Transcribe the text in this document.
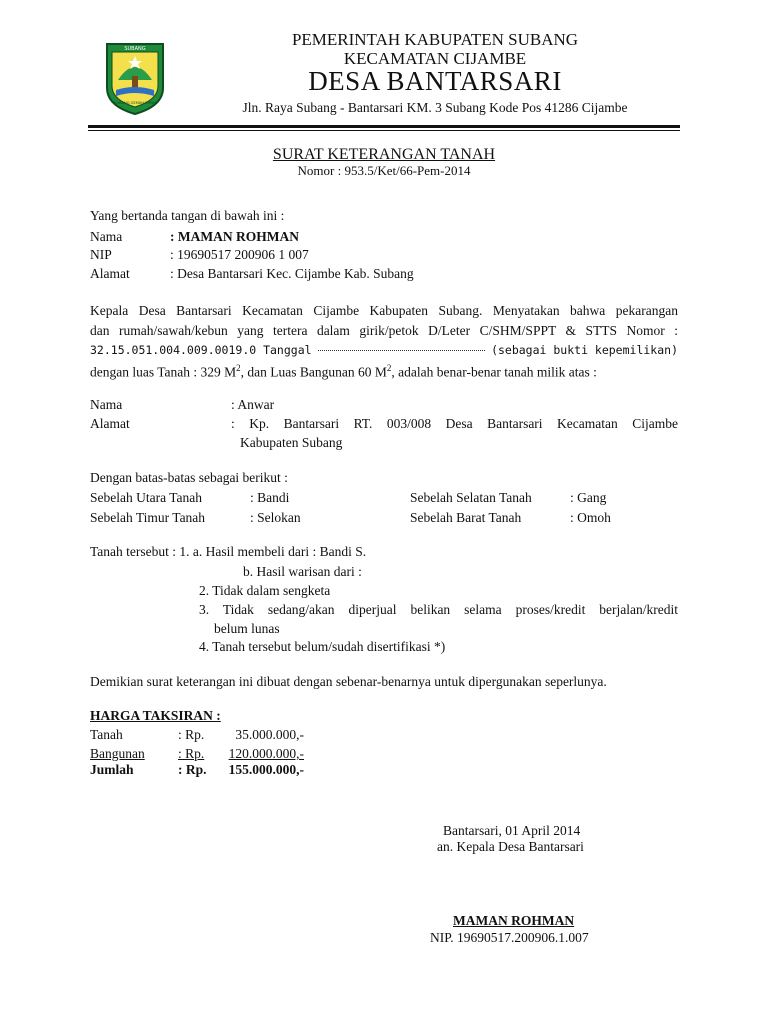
SUBANG
SUBANG GEMAH RIPAH
PEMERINTAH KABUPATEN SUBANG
KECAMATAN CIJAMBE
DESA BANTARSARI
Jln. Raya Subang - Bantarsari KM. 3 Subang Kode Pos 41286 Cijambe
SURAT KETERANGAN TANAH
Nomor : 953.5/Ket/66-Pem-2014
Yang bertanda tangan di bawah ini :
Nama	: MAMAN ROHMAN
NIP	: 19690517 200906 1 007
Alamat	: Desa Bantarsari Kec. Cijambe Kab. Subang
Kepala Desa Bantarsari Kecamatan Cijambe Kabupaten Subang. Menyatakan bahwa pekarangan
dan rumah/sawah/kebun yang tertera dalam girik/petok D/Leter C/SHM/SPPT & STTS Nomor :
32.15.051.004.009.0019.0 Tanggal	(sebagai bukti kepemilikan)
dengan luas Tanah : 329 $M^2$, dan Luas Bangunan 60 $M^2$, adalah benar-benar tanah milik atas :
Nama	: Anwar
Alamat	: Kp. Bantarsari RT. 003/008 Desa Bantarsari Kecamatan Cijambe
Kabupaten Subang
Dengan batas-batas sebagai berikut :
Sebelah Utara Tanah	: Bandi	Sebelah Selatan Tanah	: Gang
Sebelah Timur Tanah	: Selokan	Sebelah Barat Tanah	: Omoh
Tanah tersebut : 1. a. Hasil membeli dari : Bandi S.
b. Hasil warisan dari :
2. Tidak dalam sengketa
3. Tidak sedang/akan diperjual belikan selama proses/kredit berjalan/kredit
belum lunas
4. Tanah tersebut belum/sudah disertifikasi *)
Demikian surat keterangan ini dibuat dengan sebenar-benarnya untuk dipergunakan seperlunya.
HARGA TAKSIRAN :
Tanah	: Rp. 35.000.000,-
Bangunan : Rp.	120.000.000,-
Jumlah	: Rp.	155.000.000,-
Bantarsari, 01 April 2014
an. Kepala Desa Bantarsari
MAMAN ROHMAN
NIP. 19690517.200906.1.007
